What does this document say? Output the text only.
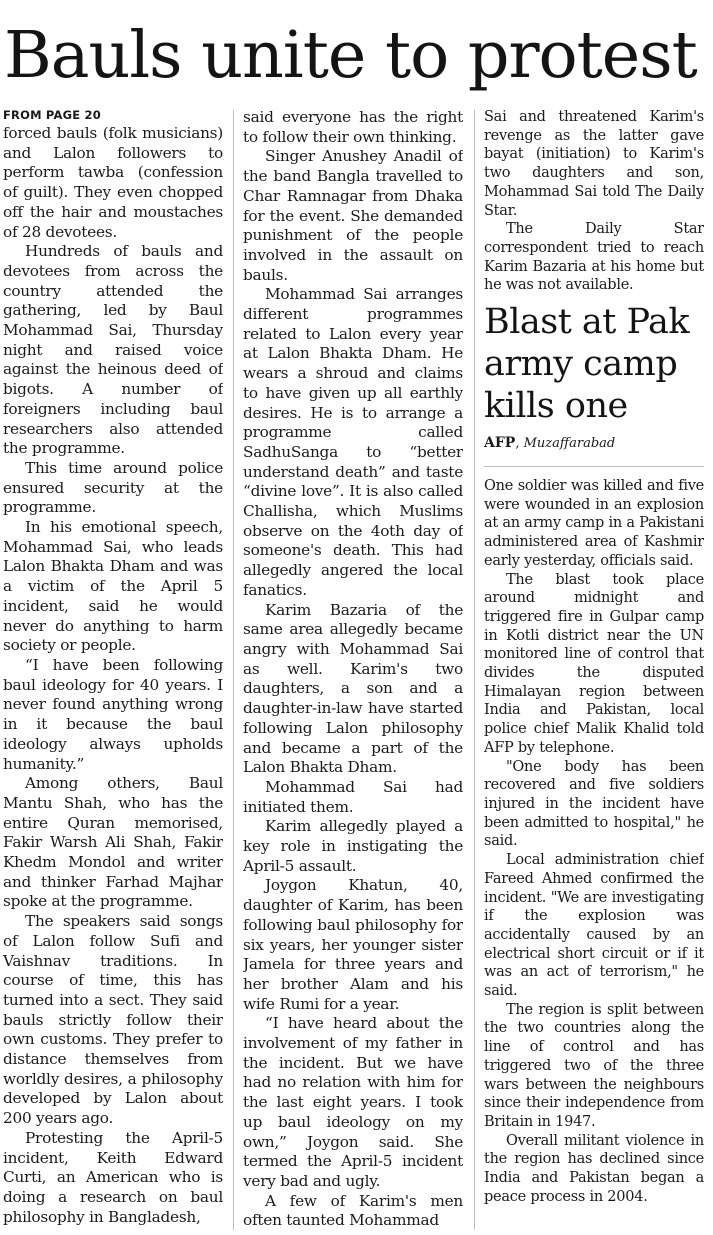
Bauls unite to protest
FROM PAGE 20

forced bauls (folk musicians) and Lalon followers to perform tawba (confession of guilt). They even chopped off the hair and moustaches of 28 devotees.

Hundreds of bauls and devotees from across the country attended the gathering, led by Baul Mohammad Sai, Thursday night and raised voice against the heinous deed of bigots. A number of foreigners including baul researchers also attended the programme.

This time around police ensured security at the programme.

In his emotional speech, Mohammad Sai, who leads Lalon Bhakta Dham and was a victim of the April 5 incident, said he would never do anything to harm society or people.

“I have been following baul ideology for 40 years. I never found anything wrong in it because the baul ideology always upholds humanity.”

Among others, Baul Mantu Shah, who has the entire Quran memorised, Fakir Warsh Ali Shah, Fakir Khedm Mondol and writer and thinker Farhad Majhar spoke at the programme.

The speakers said songs of Lalon follow Sufi and Vaishnav traditions. In course of time, this has turned into a sect. They said bauls strictly follow their own customs. They prefer to distance themselves from worldly desires, a philosophy developed by Lalon about 200 years ago.

Protesting the April-5 incident, Keith Edward Curti, an American who is doing a research on baul philosophy in Bangladesh,

said everyone has the right to follow their own thinking.

Singer Anushey Anadil of the band Bangla travelled to Char Ramnagar from Dhaka for the event. She demanded punishment of the people involved in the assault on bauls.

Mohammad Sai arranges different programmes related to Lalon every year at Lalon Bhakta Dham. He wears a shroud and claims to have given up all earthly desires. He is to arrange a programme called SadhuSanga to “better understand death” and taste “divine love”. It is also called Challisha, which Muslims observe on the 4oth day of someone's death. This had allegedly angered the local fanatics.

Karim Bazaria of the same area allegedly became angry with Mohammad Sai as well. Karim's two daughters, a son and a daughter-in-law have started following Lalon philosophy and became a part of the Lalon Bhakta Dham.

Mohammad Sai had initiated them.

Karim allegedly played a key role in instigating the April-5 assault.

Joygon Khatun, 40, daughter of Karim, has been following baul philosophy for six years, her younger sister Jamela for three years and her brother Alam and his wife Rumi for a year.

“I have heard about the involvement of my father in the incident. But we have had no relation with him for the last eight years. I took up baul ideology on my own,” Joygon said. She termed the April-5 incident very bad and ugly.

A few of Karim's men often taunted Mohammad

Sai and threatened Karim's revenge as the latter gave bayat (initiation) to Karim's two daughters and son, Mohammad Sai told The Daily Star.

The Daily Star correspondent tried to reach Karim Bazaria at his home but he was not available.

Blast at Pak army camp kills one
AFP, Muzaffarabad

One soldier was killed and five were wounded in an explosion at an army camp in a Pakistani administered area of Kashmir early yesterday, officials said.

The blast took place around midnight and triggered fire in Gulpar camp in Kotli district near the UN monitored line of control that divides the disputed Himalayan region between India and Pakistan, local police chief Malik Khalid told AFP by telephone.

"One body has been recovered and five soldiers injured in the incident have been admitted to hospital," he said.

Local administration chief Fareed Ahmed confirmed the incident. "We are investigating if the explosion was accidentally caused by an electrical short circuit or if it was an act of terrorism," he said.

The region is split between the two countries along the line of control and has triggered two of the three wars between the neighbours since their independence from Britain in 1947.

Overall militant violence in the region has declined since India and Pakistan began a peace process in 2004.
